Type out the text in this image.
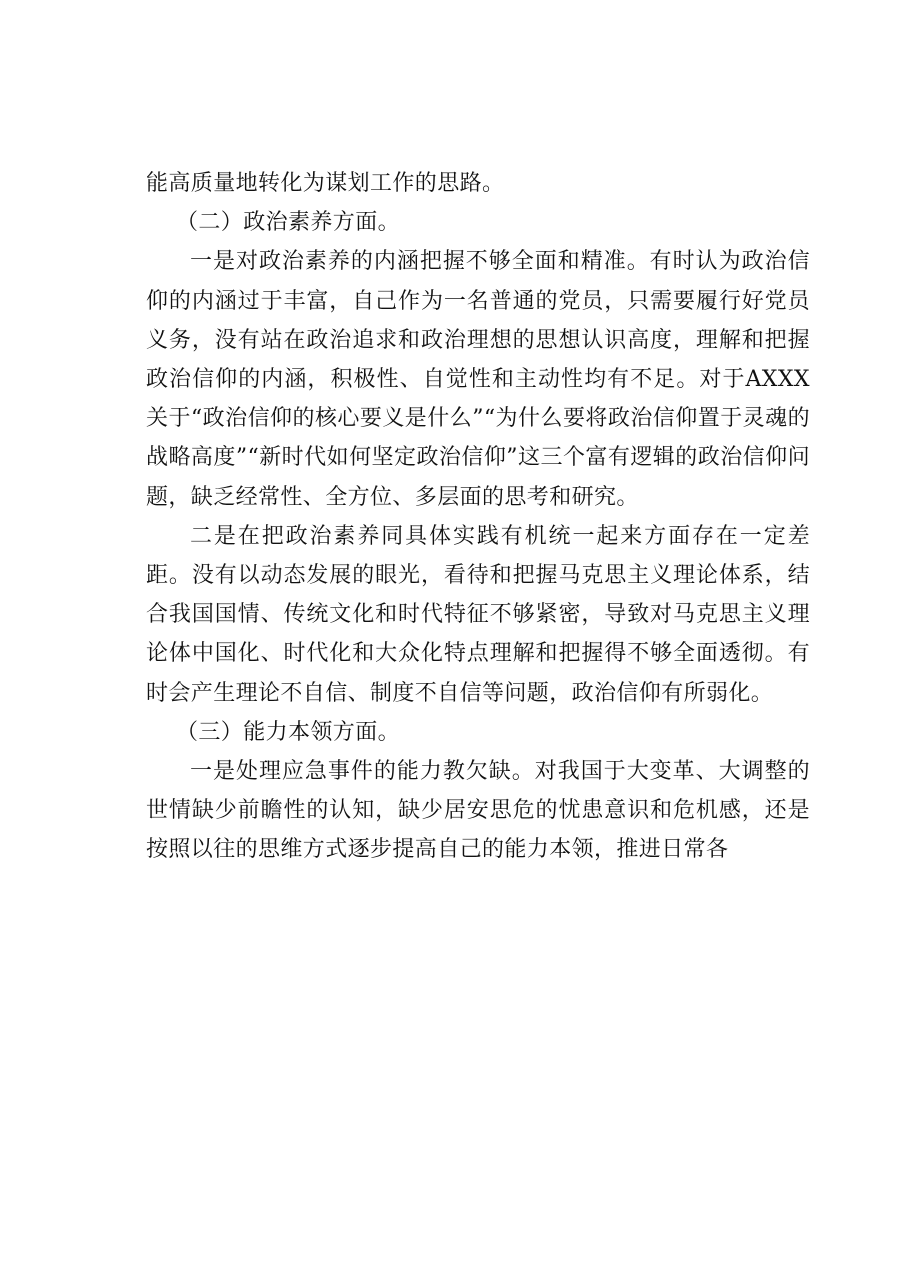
能高质量地转化为谋划工作的思路。

（二）政治素养方面。

一是对政治素养的内涵把握不够全面和精准。有时认为政治信仰的内涵过于丰富，自己作为一名普通的党员，只需要履行好党员义务，没有站在政治追求和政治理想的思想认识高度，理解和把握政治信仰的内涵，积极性、自觉性和主动性均有不足。对于AXXX关于“政治信仰的核心要义是什么”“为什么要将政治信仰置于灵魂的战略高度”“新时代如何坚定政治信仰”这三个富有逻辑的政治信仰问题，缺乏经常性、全方位、多层面的思考和研究。

二是在把政治素养同具体实践有机统一起来方面存在一定差距。没有以动态发展的眼光，看待和把握马克思主义理论体系，结合我国国情、传统文化和时代特征不够紧密，导致对马克思主义理论体中国化、时代化和大众化特点理解和把握得不够全面透彻。有时会产生理论不自信、制度不自信等问题，政治信仰有所弱化。

（三）能力本领方面。

一是处理应急事件的能力教欠缺。对我国于大变革、大调整的世情缺少前瞻性的认知，缺少居安思危的忧患意识和危机感，还是按照以往的思维方式逐步提高自己的能力本领，推进日常各
